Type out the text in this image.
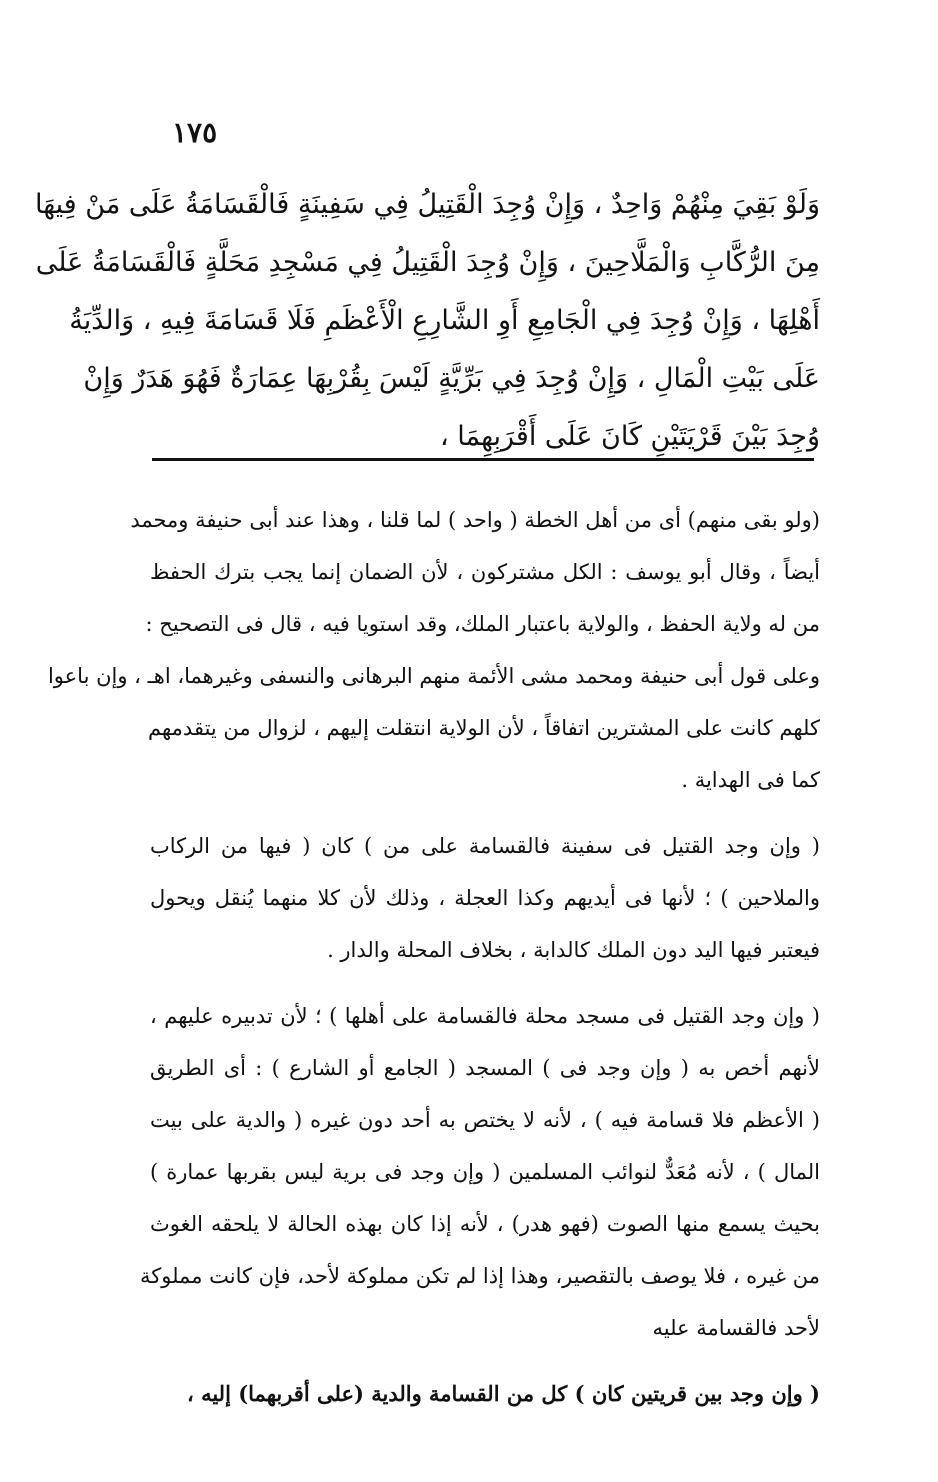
١٧٥
وَلَوْ بَقِيَ مِنْهُمْ وَاحِدٌ ، وَإِنْ وُجِدَ الْقَتِيلُ فِي سَفِينَةٍ فَالْقَسَامَةُ عَلَى مَنْ فِيهَا
مِنَ الرُّكَّابِ وَالْمَلَّاحِينَ ، وَإِنْ وُجِدَ الْقَتِيلُ فِي مَسْجِدِ مَحَلَّةٍ فَالْقَسَامَةُ عَلَى
أَهْلِهَا ، وَإِنْ وُجِدَ فِي الْجَامِعِ أَوِ الشَّارِعِ الْأَعْظَمِ فَلَا قَسَامَةَ فِيهِ ، وَالدِّيَةُ
عَلَى بَيْتِ الْمَالِ ، وَإِنْ وُجِدَ فِي بَرِّيَّةٍ لَيْسَ بِقُرْبِهَا عِمَارَةٌ فَهُوَ هَدَرٌ وَإِنْ
وُجِدَ بَيْنَ قَرْيَتَيْنِ كَانَ عَلَى أَقْرَبِهِمَا ،
(ولو بقى منهم) أى من أهل الخطة ( واحد ) لما قلنا ، وهذا عند أبى حنيفة ومحمد
أيضاً ، وقال أبو يوسف : الكل مشتركون ، لأن الضمان إنما يجب بترك الحفظ
من له ولاية الحفظ ، والولاية باعتبار الملك، وقد استويا فيه ، قال فى التصحيح :
وعلى قول أبى حنيفة ومحمد مشى الأئمة منهم البرهانى والنسفى وغيرهما، اهـ ، وإن باعوا
كلهم كانت على المشترين اتفاقاً ، لأن الولاية انتقلت إليهم ، لزوال من يتقدمهم
كما فى الهداية .
( وإن وجد القتيل فى سفينة فالقسامة على من ) كان ( فيها من الركاب
والملاحين ) ؛ لأنها فى أيديهم وكذا العجلة ، وذلك لأن كلا منهما يُنقل ويحول
فيعتبر فيها اليد دون الملك كالدابة ، بخلاف المحلة والدار .
( وإن وجد القتيل فى مسجد محلة فالقسامة على أهلها ) ؛ لأن تدبيره عليهم ،
لأنهم أخص به ( وإن وجد فى ) المسجد ( الجامع أو الشارع ) : أى الطريق
( الأعظم فلا قسامة فيه ) ، لأنه لا يختص به أحد دون غيره ( والدية على بيت
المال ) ، لأنه مُعَدٌّ لنوائب المسلمين ( وإن وجد فى برية ليس بقربها عمارة )
بحيث يسمع منها الصوت (فهو هدر) ، لأنه إذا كان بهذه الحالة لا يلحقه الغوث
من غيره ، فلا يوصف بالتقصير، وهذا إذا لم تكن مملوكة لأحد، فإن كانت مملوكة
لأحد فالقسامة عليه
( وإن وجد بين قريتين كان ) كل من القسامة والدية (على أقربهما) إليه ،
